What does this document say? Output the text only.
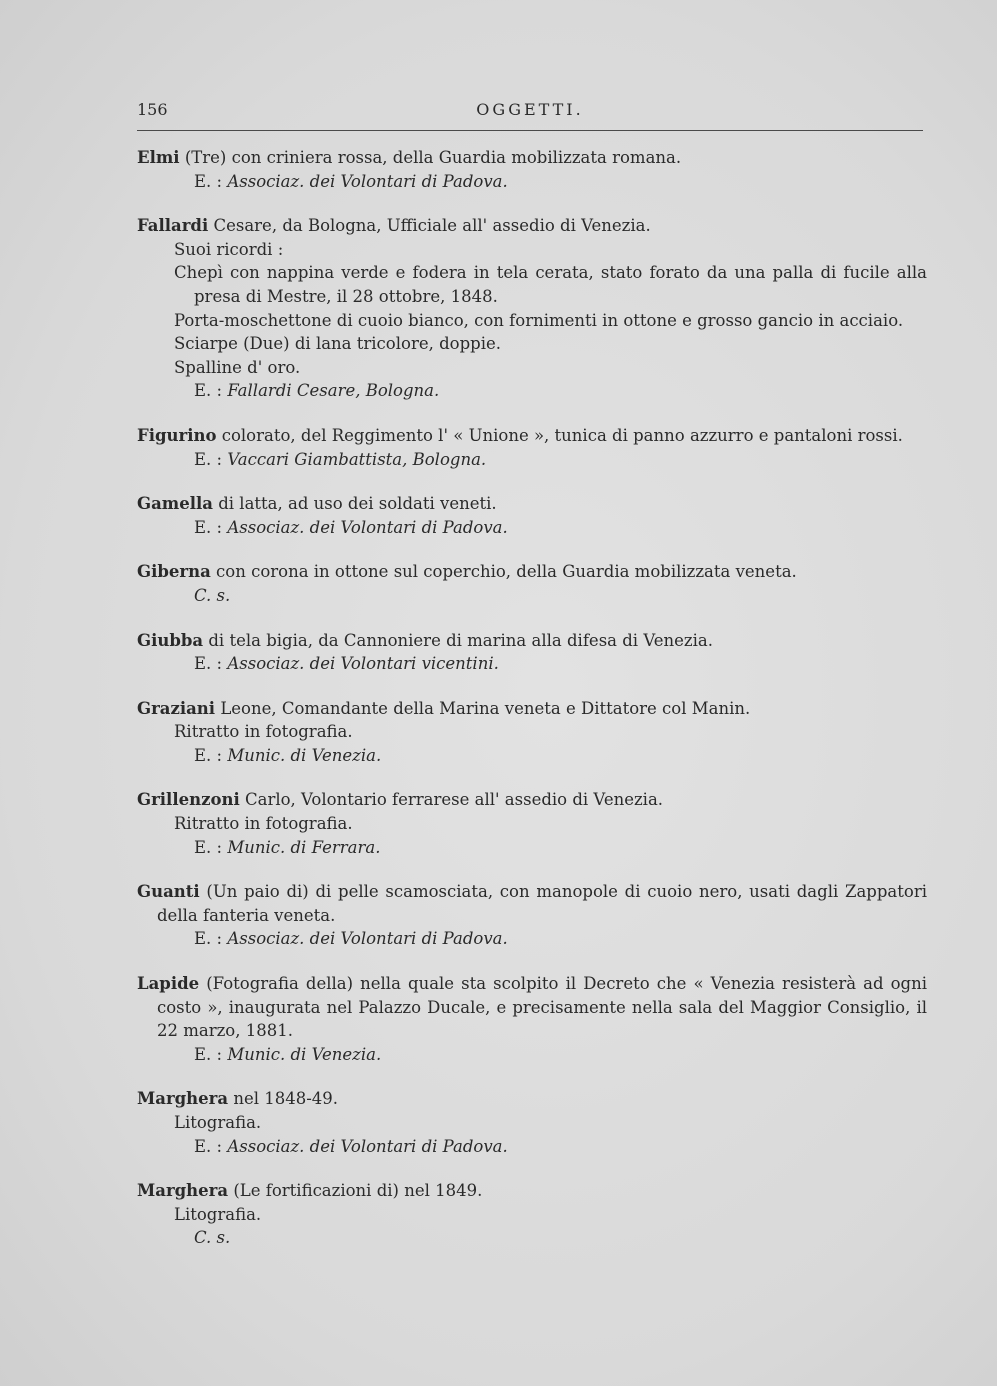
156	OGGETTI.
Elmi (Tre) con criniera rossa, della Guardia mobilizzata romana.
E. : Associaz. dei Volontari di Padova.
Fallardi Cesare, da Bologna, Ufficiale all' assedio di Venezia.
Suoi ricordi :
Chepì con nappina verde e fodera in tela cerata, stato forato da una palla di fucile alla presa di Mestre, il 28 ottobre, 1848.
Porta-moschettone di cuoio bianco, con fornimenti in ottone e grosso gancio in acciaio.
Sciarpe (Due) di lana tricolore, doppie.
Spalline d' oro.
E. : Fallardi Cesare, Bologna.
Figurino colorato, del Reggimento l' « Unione », tunica di panno azzurro e pantaloni rossi.
E. : Vaccari Giambattista, Bologna.
Gamella di latta, ad uso dei soldati veneti.
E. : Associaz. dei Volontari di Padova.
Giberna con corona in ottone sul coperchio, della Guardia mobilizzata veneta.
C. s.
Giubba di tela bigia, da Cannoniere di marina alla difesa di Venezia.
E. : Associaz. dei Volontari vicentini.
Graziani Leone, Comandante della Marina veneta e Dittatore col Manin.
Ritratto in fotografia.
E. : Munic. di Venezia.
Grillenzoni Carlo, Volontario ferrarese all' assedio di Venezia.
Ritratto in fotografia.
E. : Munic. di Ferrara.
Guanti (Un paio di) di pelle scamosciata, con manopole di cuoio nero, usati dagli Zappatori della fanteria veneta.
E. : Associaz. dei Volontari di Padova.
Lapide (Fotografia della) nella quale sta scolpito il Decreto che « Venezia resisterà ad ogni costo », inaugurata nel Palazzo Ducale, e precisamente nella sala del Maggior Consiglio, il 22 marzo, 1881.
E. : Munic. di Venezia.
Marghera nel 1848-49.
Litografia.
E. : Associaz. dei Volontari di Padova.
Marghera (Le fortificazioni di) nel 1849.
Litografia.
C. s.
